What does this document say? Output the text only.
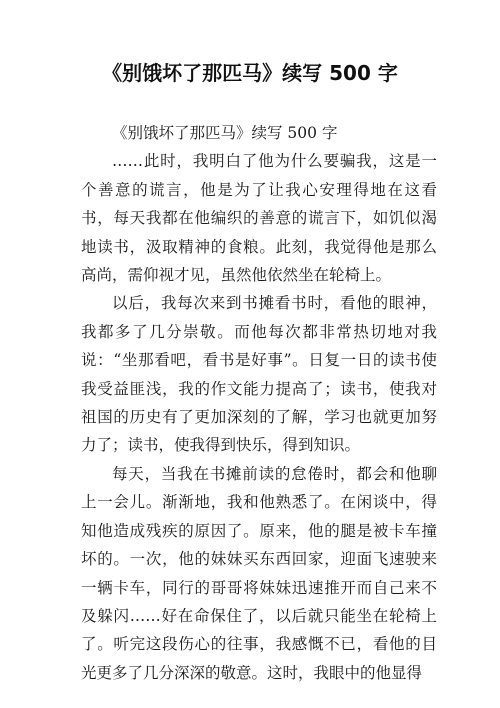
《别饿坏了那匹马》续写 500 字

《别饿坏了那匹马》续写 500 字

……此时，我明白了他为什么要骗我，这是一个善意的谎言，他是为了让我心安理得地在这看书，每天我都在他编织的善意的谎言下，如饥似渴地读书，汲取精神的食粮。此刻，我觉得他是那么高尚，需仰视才见，虽然他依然坐在轮椅上。

以后，我每次来到书摊看书时，看他的眼神，我都多了几分崇敬。而他每次都非常热切地对我说：“坐那看吧，看书是好事”。日复一日的读书使我受益匪浅，我的作文能力提高了；读书，使我对祖国的历史有了更加深刻的了解，学习也就更加努力了；读书，使我得到快乐，得到知识。

每天，当我在书摊前读的怠倦时，都会和他聊上一会儿。渐渐地，我和他熟悉了。在闲谈中，得知他造成残疾的原因了。原来，他的腿是被卡车撞坏的。一次，他的妹妹买东西回家，迎面飞速驶来一辆卡车，同行的哥哥将妹妹迅速推开而自己来不及躲闪……好在命保住了，以后就只能坐在轮椅上了。听完这段伤心的往事，我感慨不已，看他的目光更多了几分深深的敬意。这时，我眼中的他显得
